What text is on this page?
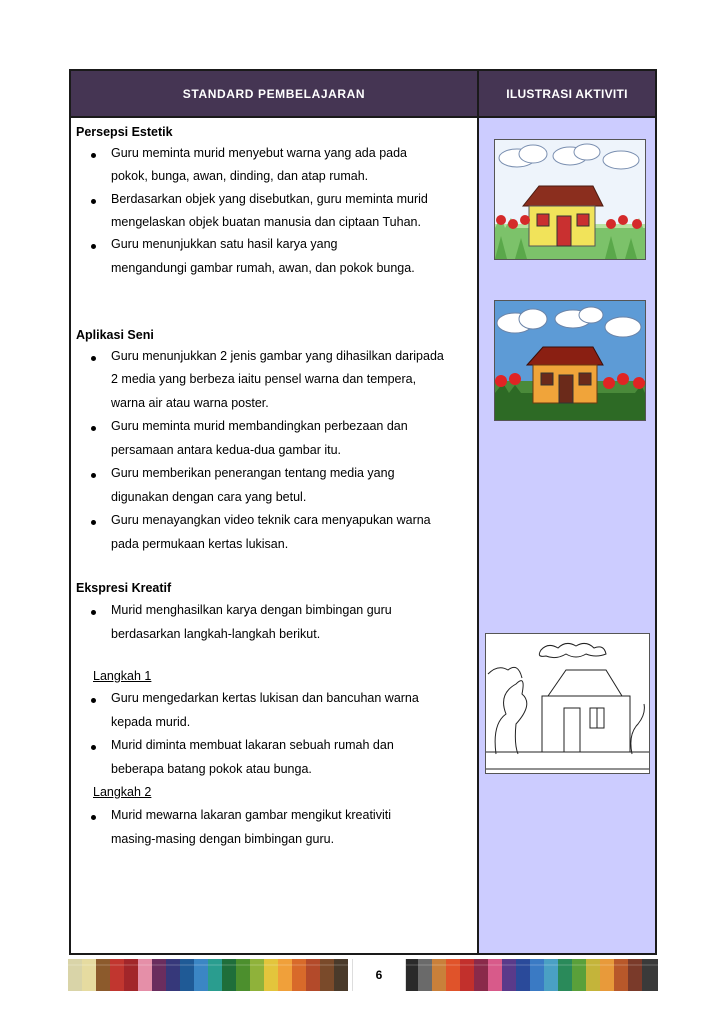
STANDARD PEMBELAJARAN	ILUSTRASI AKTIVITI
Persepsi Estetik
Guru meminta murid menyebut warna yang ada pada
pokok, bunga, awan, dinding, dan atap rumah.
Berdasarkan objek yang disebutkan, guru meminta murid
mengelaskan objek buatan manusia dan ciptaan Tuhan.
Guru menunjukkan satu hasil karya yang
mengandungi gambar rumah, awan, dan pokok bunga.
Aplikasi Seni
Guru menunjukkan 2 jenis gambar yang dihasilkan daripada
2 media yang berbeza iaitu pensel warna dan tempera,
warna air atau warna poster.
Guru meminta murid membandingkan perbezaan dan
persamaan antara kedua-dua gambar itu.
Guru memberikan penerangan tentang media yang
digunakan dengan cara yang betul.
Guru menayangkan video teknik cara menyapukan warna
pada permukaan kertas lukisan.
Ekspresi Kreatif
Murid menghasilkan karya dengan bimbingan guru
berdasarkan langkah-langkah berikut.
Langkah 1
Guru mengedarkan kertas lukisan dan bancuhan warna
kepada murid.
Murid diminta membuat lakaran sebuah rumah dan
beberapa batang pokok atau bunga.
Langkah 2
Murid mewarna lakaran gambar mengikut kreativiti
masing-masing dengan bimbingan guru.
6
